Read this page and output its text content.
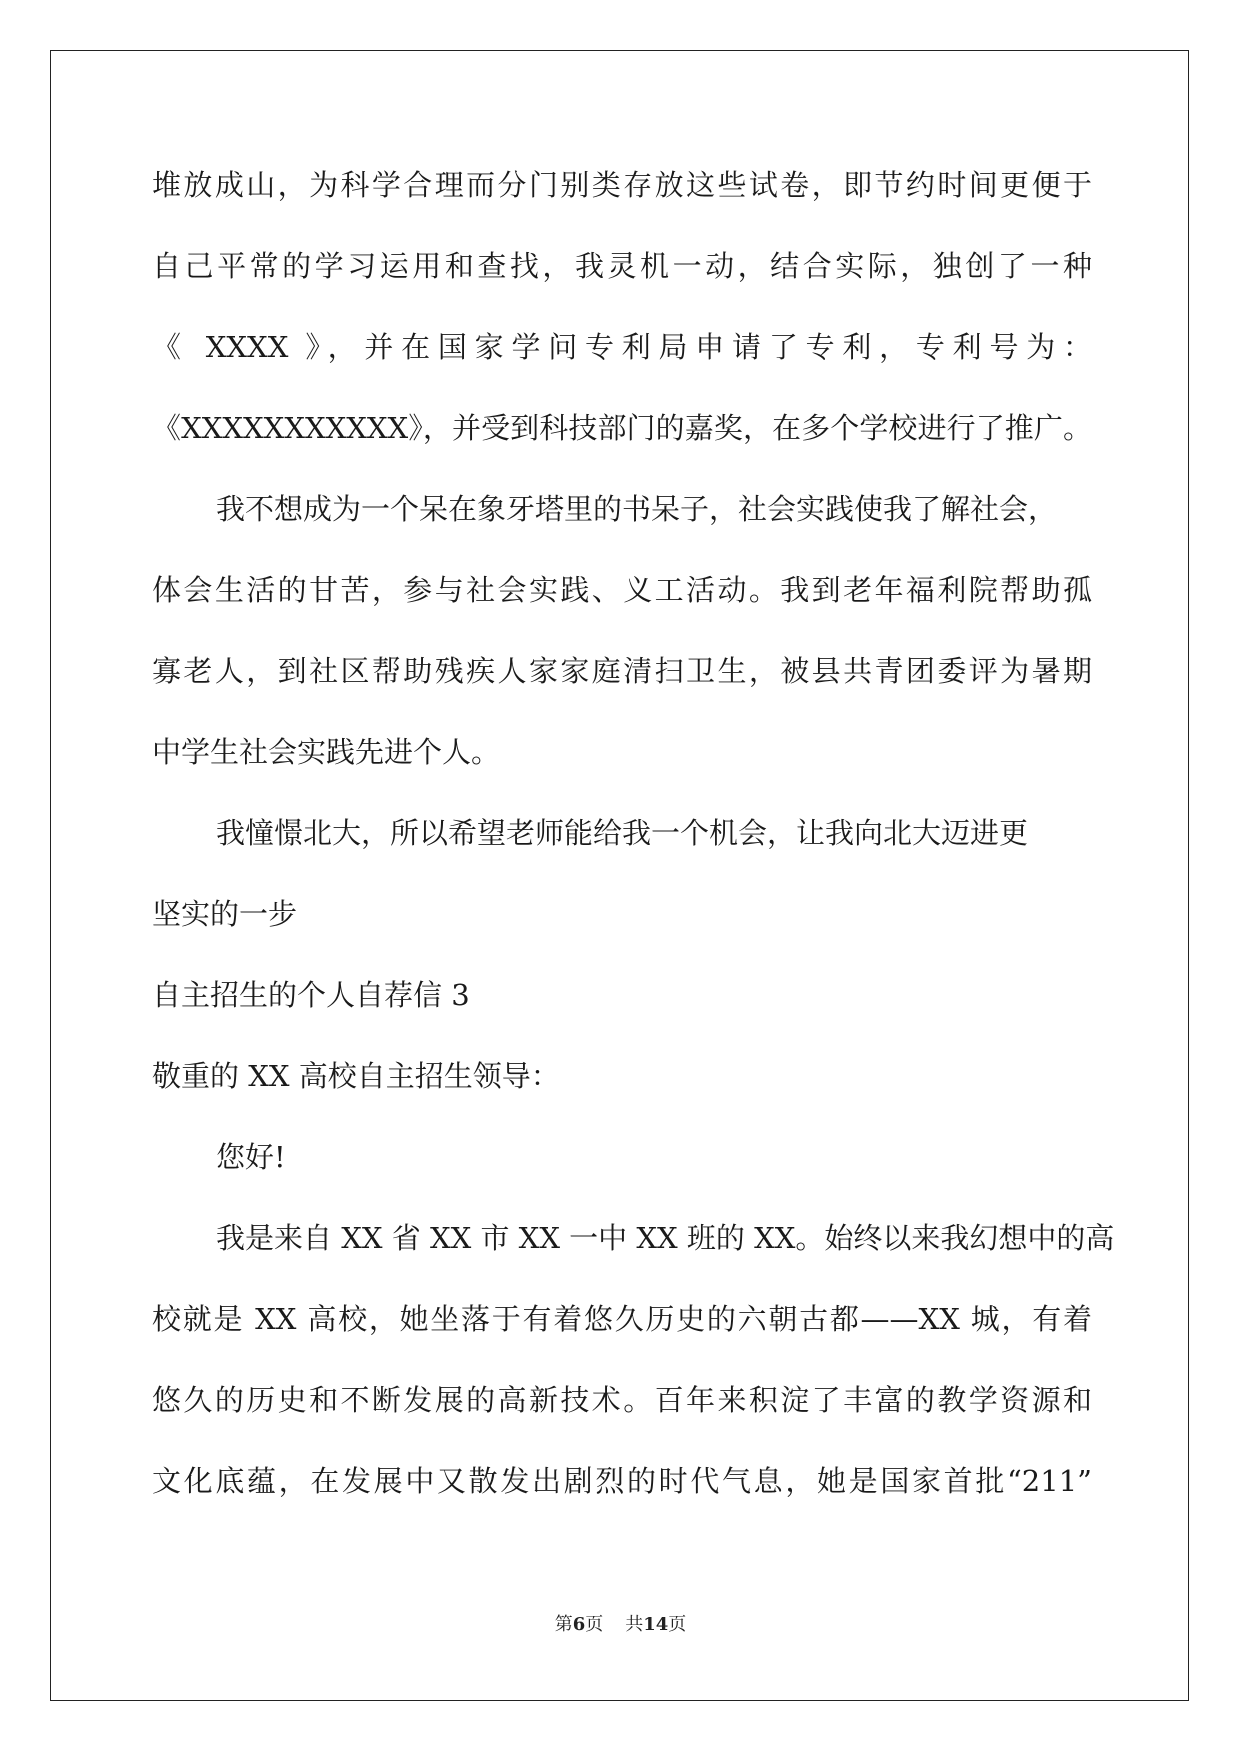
堆放成山，为科学合理而分门别类存放这些试卷，即节约时间更便于
自己平常的学习运用和查找，我灵机一动，结合实际，独创了一种
《 XXXX 》，并在国家学问专利局申请了专利，专利号为：
《XXXXXXXXXXX》，并受到科技部门的嘉奖，在多个学校进行了推广。
我不想成为一个呆在象牙塔里的书呆子，社会实践使我了解社会，
体会生活的甘苦，参与社会实践、义工活动。我到老年福利院帮助孤
寡老人，到社区帮助残疾人家家庭清扫卫生，被县共青团委评为暑期
中学生社会实践先进个人。
我憧憬北大，所以希望老师能给我一个机会，让我向北大迈进更
坚实的一步
自主招生的个人自荐信 3
敬重的 XX 高校自主招生领导：
您好!
我是来自 XX 省 XX 市 XX 一中 XX 班的 XX。始终以来我幻想中的高
校就是 XX 高校，她坐落于有着悠久历史的六朝古都——XX 城，有着
悠久的历史和不断发展的高新技术。百年来积淀了丰富的教学资源和
文化底蕴，在发展中又散发出剧烈的时代气息，她是国家首批“211”
第6页 共14页
